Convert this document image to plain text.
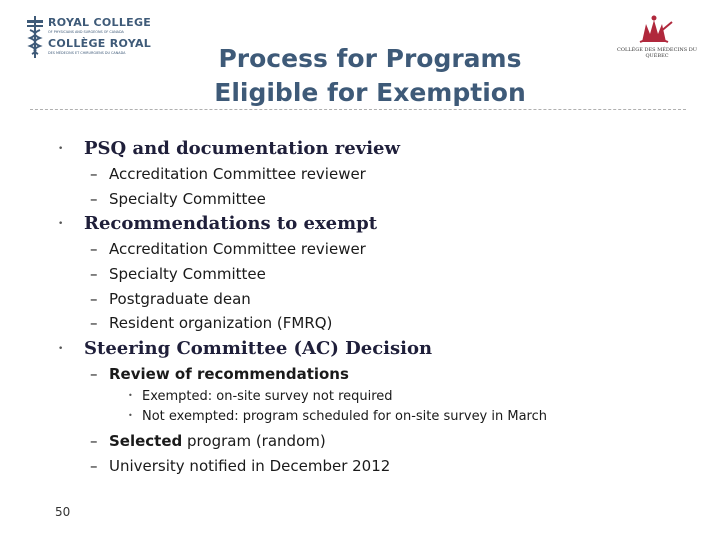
ROYAL COLLEGE
OF PHYSICIANS AND SURGEONS OF CANADA
COLLÈGE ROYAL
DES MÉDECINS ET CHIRURGIENS DU CANADA	COLLÈGE DES MÉDECINS DU QUÉBEC
Process for Programs
Eligible for Exemption
• PSQ and documentation review
– Accreditation Committee reviewer
– Specialty Committee
• Recommendations to exempt
– Accreditation Committee reviewer
– Specialty Committee
– Postgraduate dean
– Resident organization (FMRQ)
• Steering Committee (AC) Decision
– Review of recommendations
• Exempted: on-site survey not required
• Not exempted: program scheduled for on-site survey in March
– Selected program (random)
– University notified in December 2012
50
